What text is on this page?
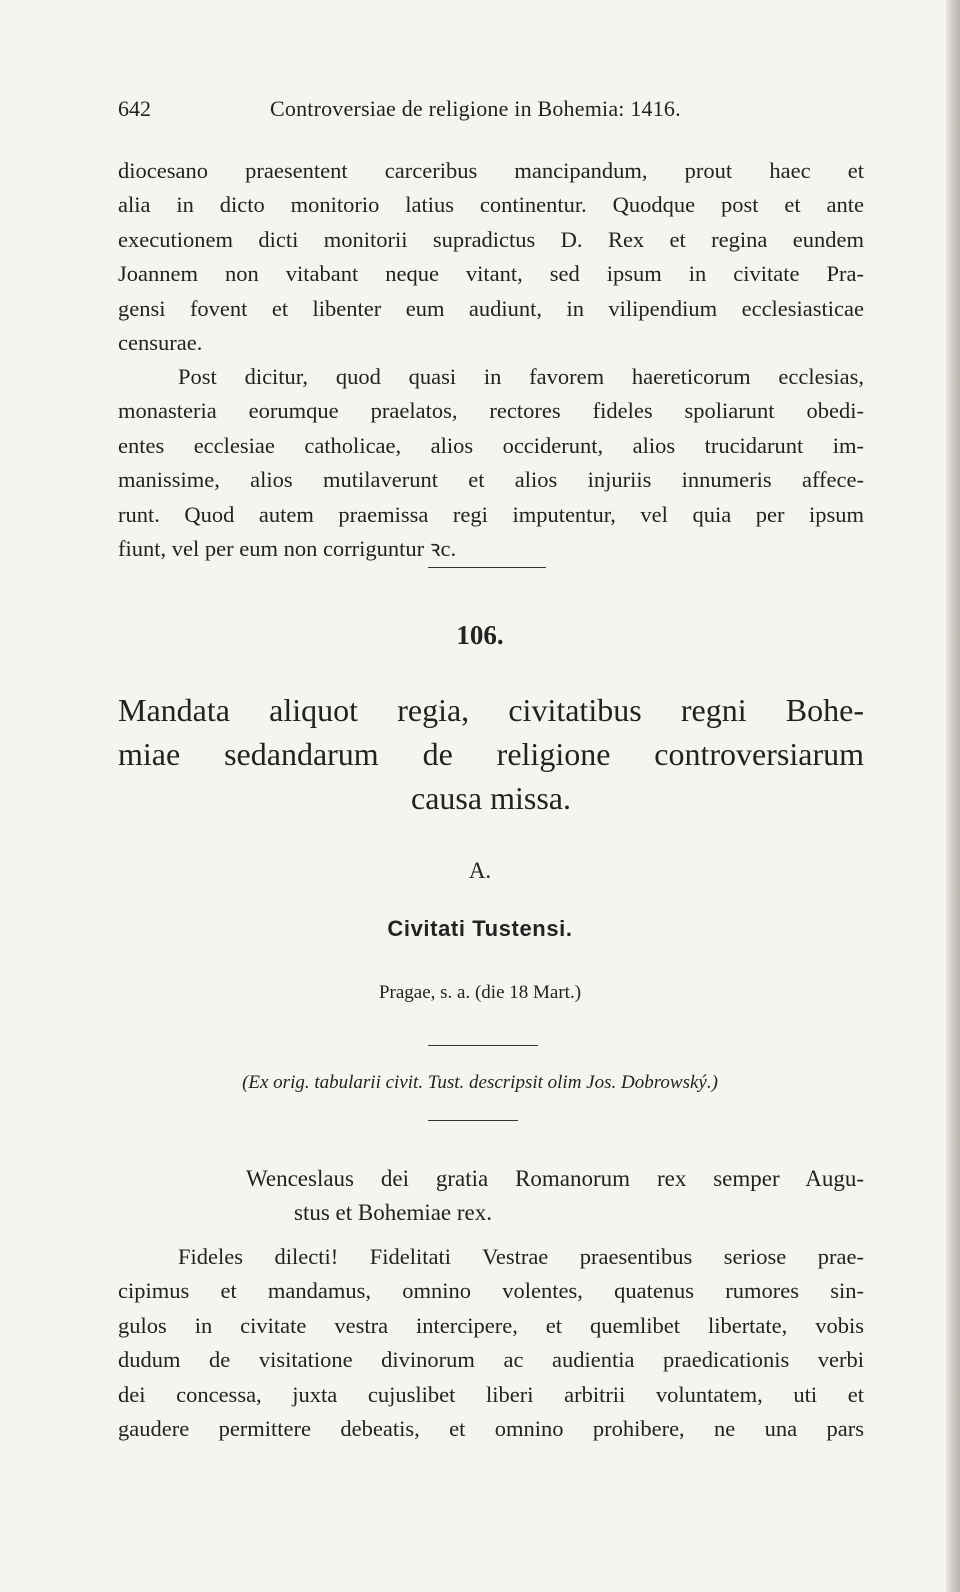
642	Controversiae de religione in Bohemia: 1416.
diocesano praesentent carceribus mancipandum, prout haec et
alia in dicto monitorio latius continentur. Quodque post et ante
executionem dicti monitorii supradictus D. Rex et regina eundem
Joannem non vitabant neque vitant, sed ipsum in civitate Pra-
gensi fovent et libenter eum audiunt, in vilipendium ecclesiasticae
censurae.
Post dicitur, quod quasi in favorem haereticorum ecclesias,
monasteria eorumque praelatos, rectores fideles spoliarunt obedi-
entes ecclesiae catholicae, alios occiderunt, alios trucidarunt im-
manissime, alios mutilaverunt et alios injuriis innumeris affece-
runt. Quod autem praemissa regi imputentur, vel quia per ipsum
fiunt, vel per eum non corriguntur ꝛc.
106.
Mandata aliquot regia, civitatibus regni Bohe-
miae sedandarum de religione controversiarum
causa missa.
A.
Civitati Tustensi.
Pragae, s. a. (die 18 Mart.)
(Ex orig. tabularii civit. Tust. descripsit olim Jos. Dobrowský.)
Wenceslaus dei gratia Romanorum rex semper Augu-
stus et Bohemiae rex.
Fideles dilecti! Fidelitati Vestrae praesentibus seriose prae-
cipimus et mandamus, omnino volentes, quatenus rumores sin-
gulos in civitate vestra intercipere, et quemlibet libertate, vobis
dudum de visitatione divinorum ac audientia praedicationis verbi
dei concessa, juxta cujuslibet liberi arbitrii voluntatem, uti et
gaudere permittere debeatis, et omnino prohibere, ne una pars
